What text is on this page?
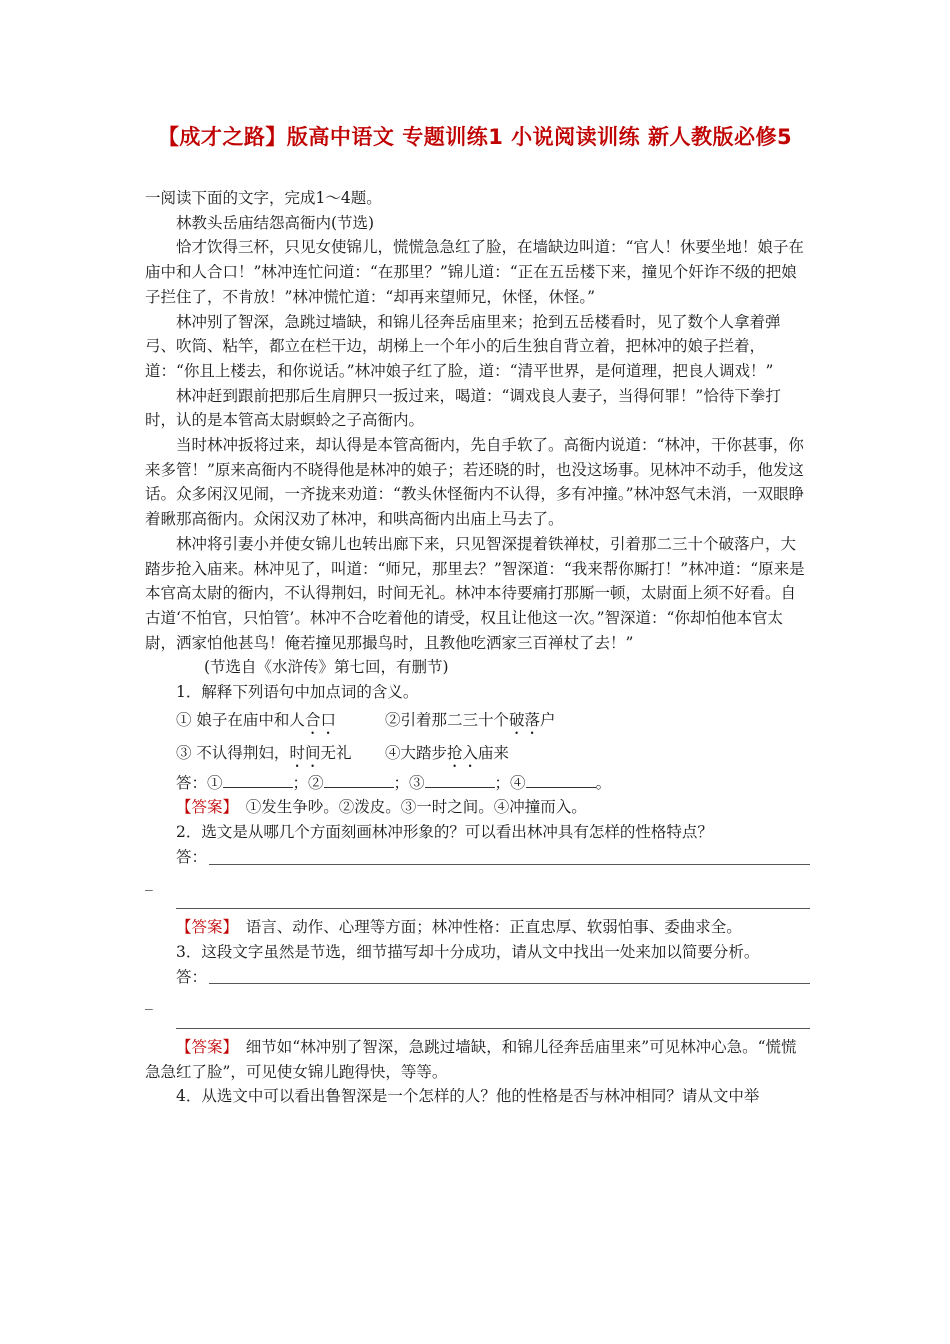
【成才之路】版高中语文 专题训练1 小说阅读训练 新人教版必修5

一阅读下面的文字，完成1～4题。

林教头岳庙结怨高衙内(节选)

恰才饮得三杯，只见女使锦儿，慌慌急急红了脸，在墙缺边叫道：“官人！休要坐地！娘子在庙中和人合口！”林冲连忙问道：“在那里？”锦儿道：“正在五岳楼下来，撞见个奸诈不级的把娘子拦住了，不肯放！”林冲慌忙道：“却再来望师兄，休怪，休怪。”

林冲别了智深，急跳过墙缺，和锦儿径奔岳庙里来；抢到五岳楼看时，见了数个人拿着弹弓、吹筒、粘竿，都立在栏干边，胡梯上一个年小的后生独自背立着，把林冲的娘子拦着，道：“你且上楼去，和你说话。”林冲娘子红了脸，道：“清平世界，是何道理，把良人调戏！”

林冲赶到跟前把那后生肩胛只一扳过来，喝道：“调戏良人妻子，当得何罪！”恰待下拳打时，认的是本管高太尉螟蛉之子高衙内。

当时林冲扳将过来，却认得是本管高衙内，先自手软了。高衙内说道：“林冲，干你甚事，你来多管！”原来高衙内不晓得他是林冲的娘子；若还晓的时，也没这场事。见林冲不动手，他发这话。众多闲汉见闹，一齐拢来劝道：“教头休怪衙内不认得，多有冲撞。”林冲怒气未消，一双眼睁着瞅那高衙内。众闲汉劝了林冲，和哄高衙内出庙上马去了。

林冲将引妻小并使女锦儿也转出廊下来，只见智深提着铁禅杖，引着那二三十个破落户，大踏步抢入庙来。林冲见了，叫道：“师兄，那里去？”智深道：“我来帮你厮打！”林冲道：“原来是本官高太尉的衙内，不认得荆妇，时间无礼。林冲本待要痛打那厮一顿，太尉面上须不好看。自古道‘不怕官，只怕管’。林冲不合吃着他的请受，权且让他这一次。”智深道：“你却怕他本官太尉，洒家怕他甚鸟！俺若撞见那撮鸟时，且教他吃洒家三百禅杖了去！”

(节选自《水浒传》第七回，有删节)

1．解释下列语句中加点词的含义。

① 娘子在庙中和人合口	②引着那二三十个破落户
③ 不认得荆妇，时间无礼	④大踏步抢入庙来

答：①	；②	；③	；④	。

【答案】　 ①发生争吵。②泼皮。③一时之间。④冲撞而入。

2．选文是从哪几个方面刻画林冲形象的？可以看出林冲具有怎样的性格特点？

答：
_

【答案】　 语言、动作、心理等方面；林冲性格：正直忠厚、软弱怕事、委曲求全。

3．这段文字虽然是节选，细节描写却十分成功，请从文中找出一处来加以简要分析。

答：
_

【答案】　 细节如“林冲别了智深，急跳过墙缺，和锦儿径奔岳庙里来”可见林冲心急。“慌慌急急红了脸”，可见使女锦儿跑得快，等等。

4．从选文中可以看出鲁智深是一个怎样的人？他的性格是否与林冲相同？请从文中举
